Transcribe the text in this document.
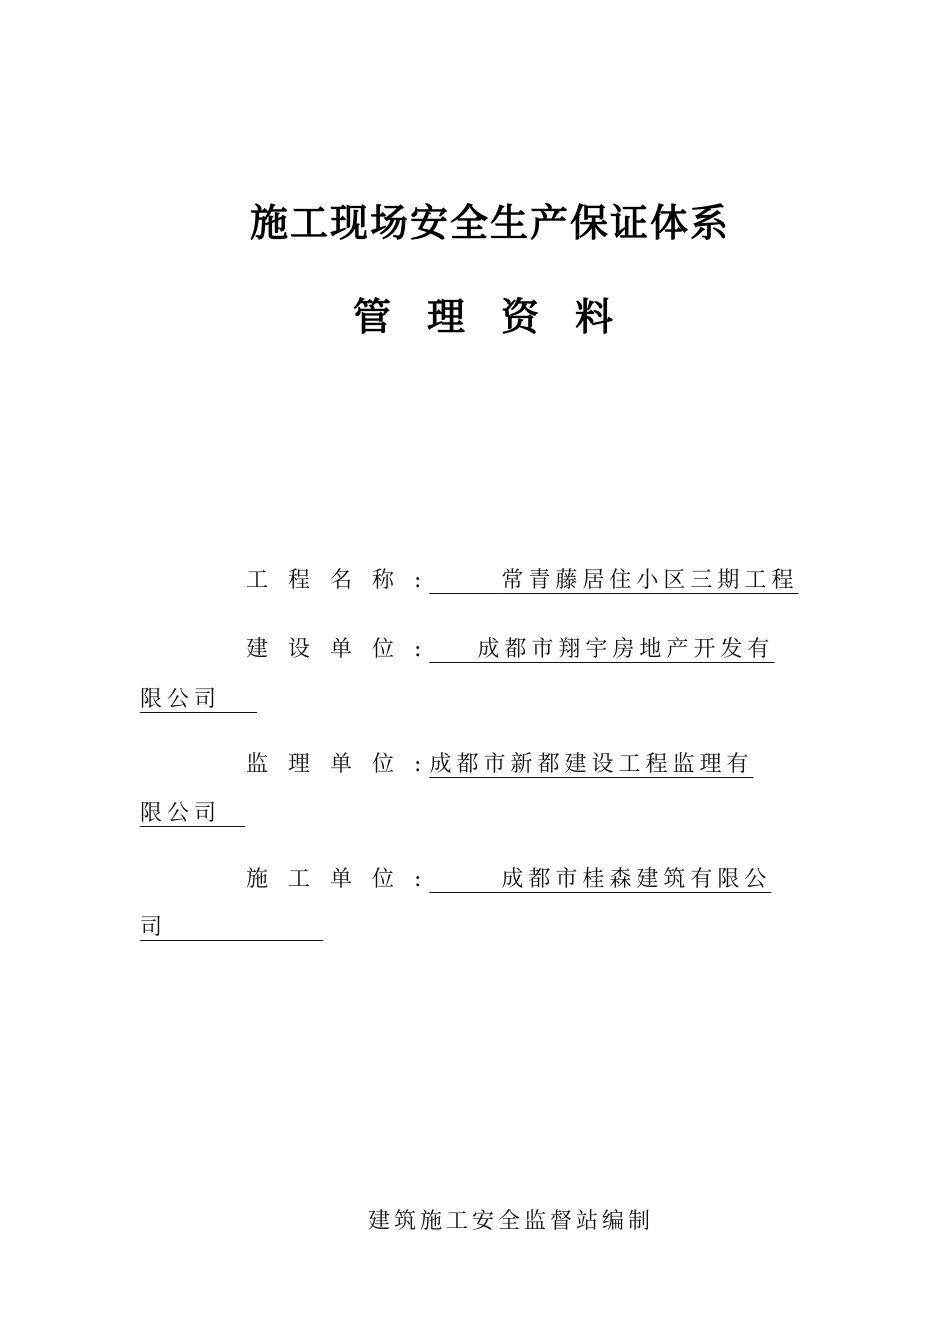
施工现场安全生产保证体系
管理资料
工程名称:	常青藤居住小区三期工程
建设单位: 成都市翔宇房地产开发有
限公司
监理单位:成都市新都建设工程监理有
限公司
施工单位:	成都市桂森建筑有限公
司
建筑施工安全监督站编制
